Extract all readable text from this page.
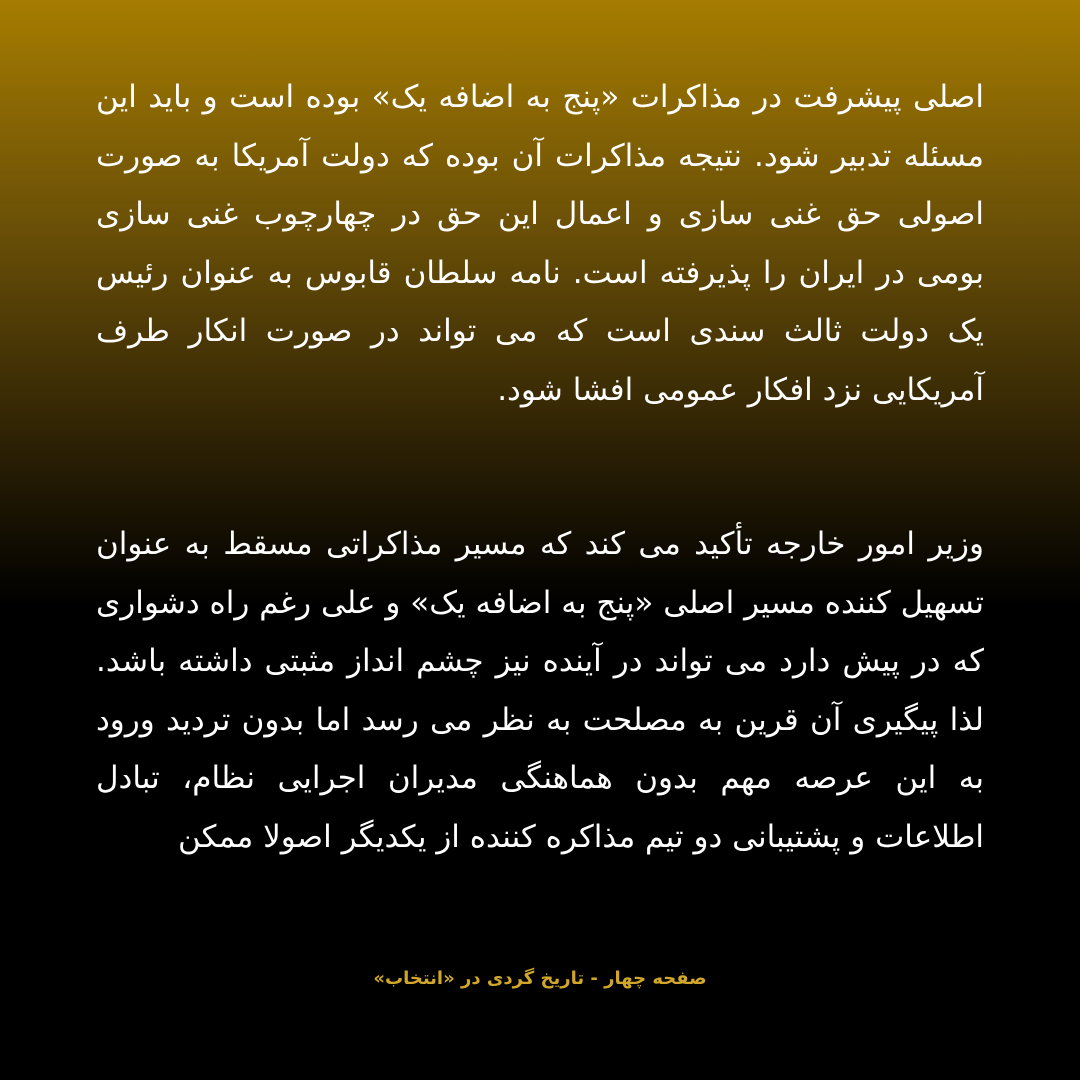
اصلی پیشرفت در مذاکرات «پنج به اضافه یک» بوده است و باید این مسئله تدبیر شود. نتیجه مذاکرات آن بوده که دولت آمریکا به صورت اصولی حق غنی سازی و اعمال این حق در چهارچوب غنی سازی بومی در ایران را پذیرفته است. نامه سلطان قابوس به عنوان رئیس یک دولت ثالث سندی است که می تواند در صورت انکار طرف آمریکایی نزد افکار عمومی افشا شود.

وزیر امور خارجه تأکید می کند که مسیر مذاکراتی مسقط به عنوان تسهیل کننده مسیر اصلی «پنج به اضافه یک» و علی رغم راه دشواری که در پیش دارد می تواند در آینده نیز چشم انداز مثبتی داشته باشد. لذا پیگیری آن قرین به مصلحت به نظر می رسد اما بدون تردید ورود به این عرصه مهم بدون هماهنگی مدیران اجرایی نظام، تبادل اطلاعات و پشتیبانی دو تیم مذاکره کننده از یکدیگر اصولا ممکن

صفحه چهار - تاریخ گردی در «انتخاب»
